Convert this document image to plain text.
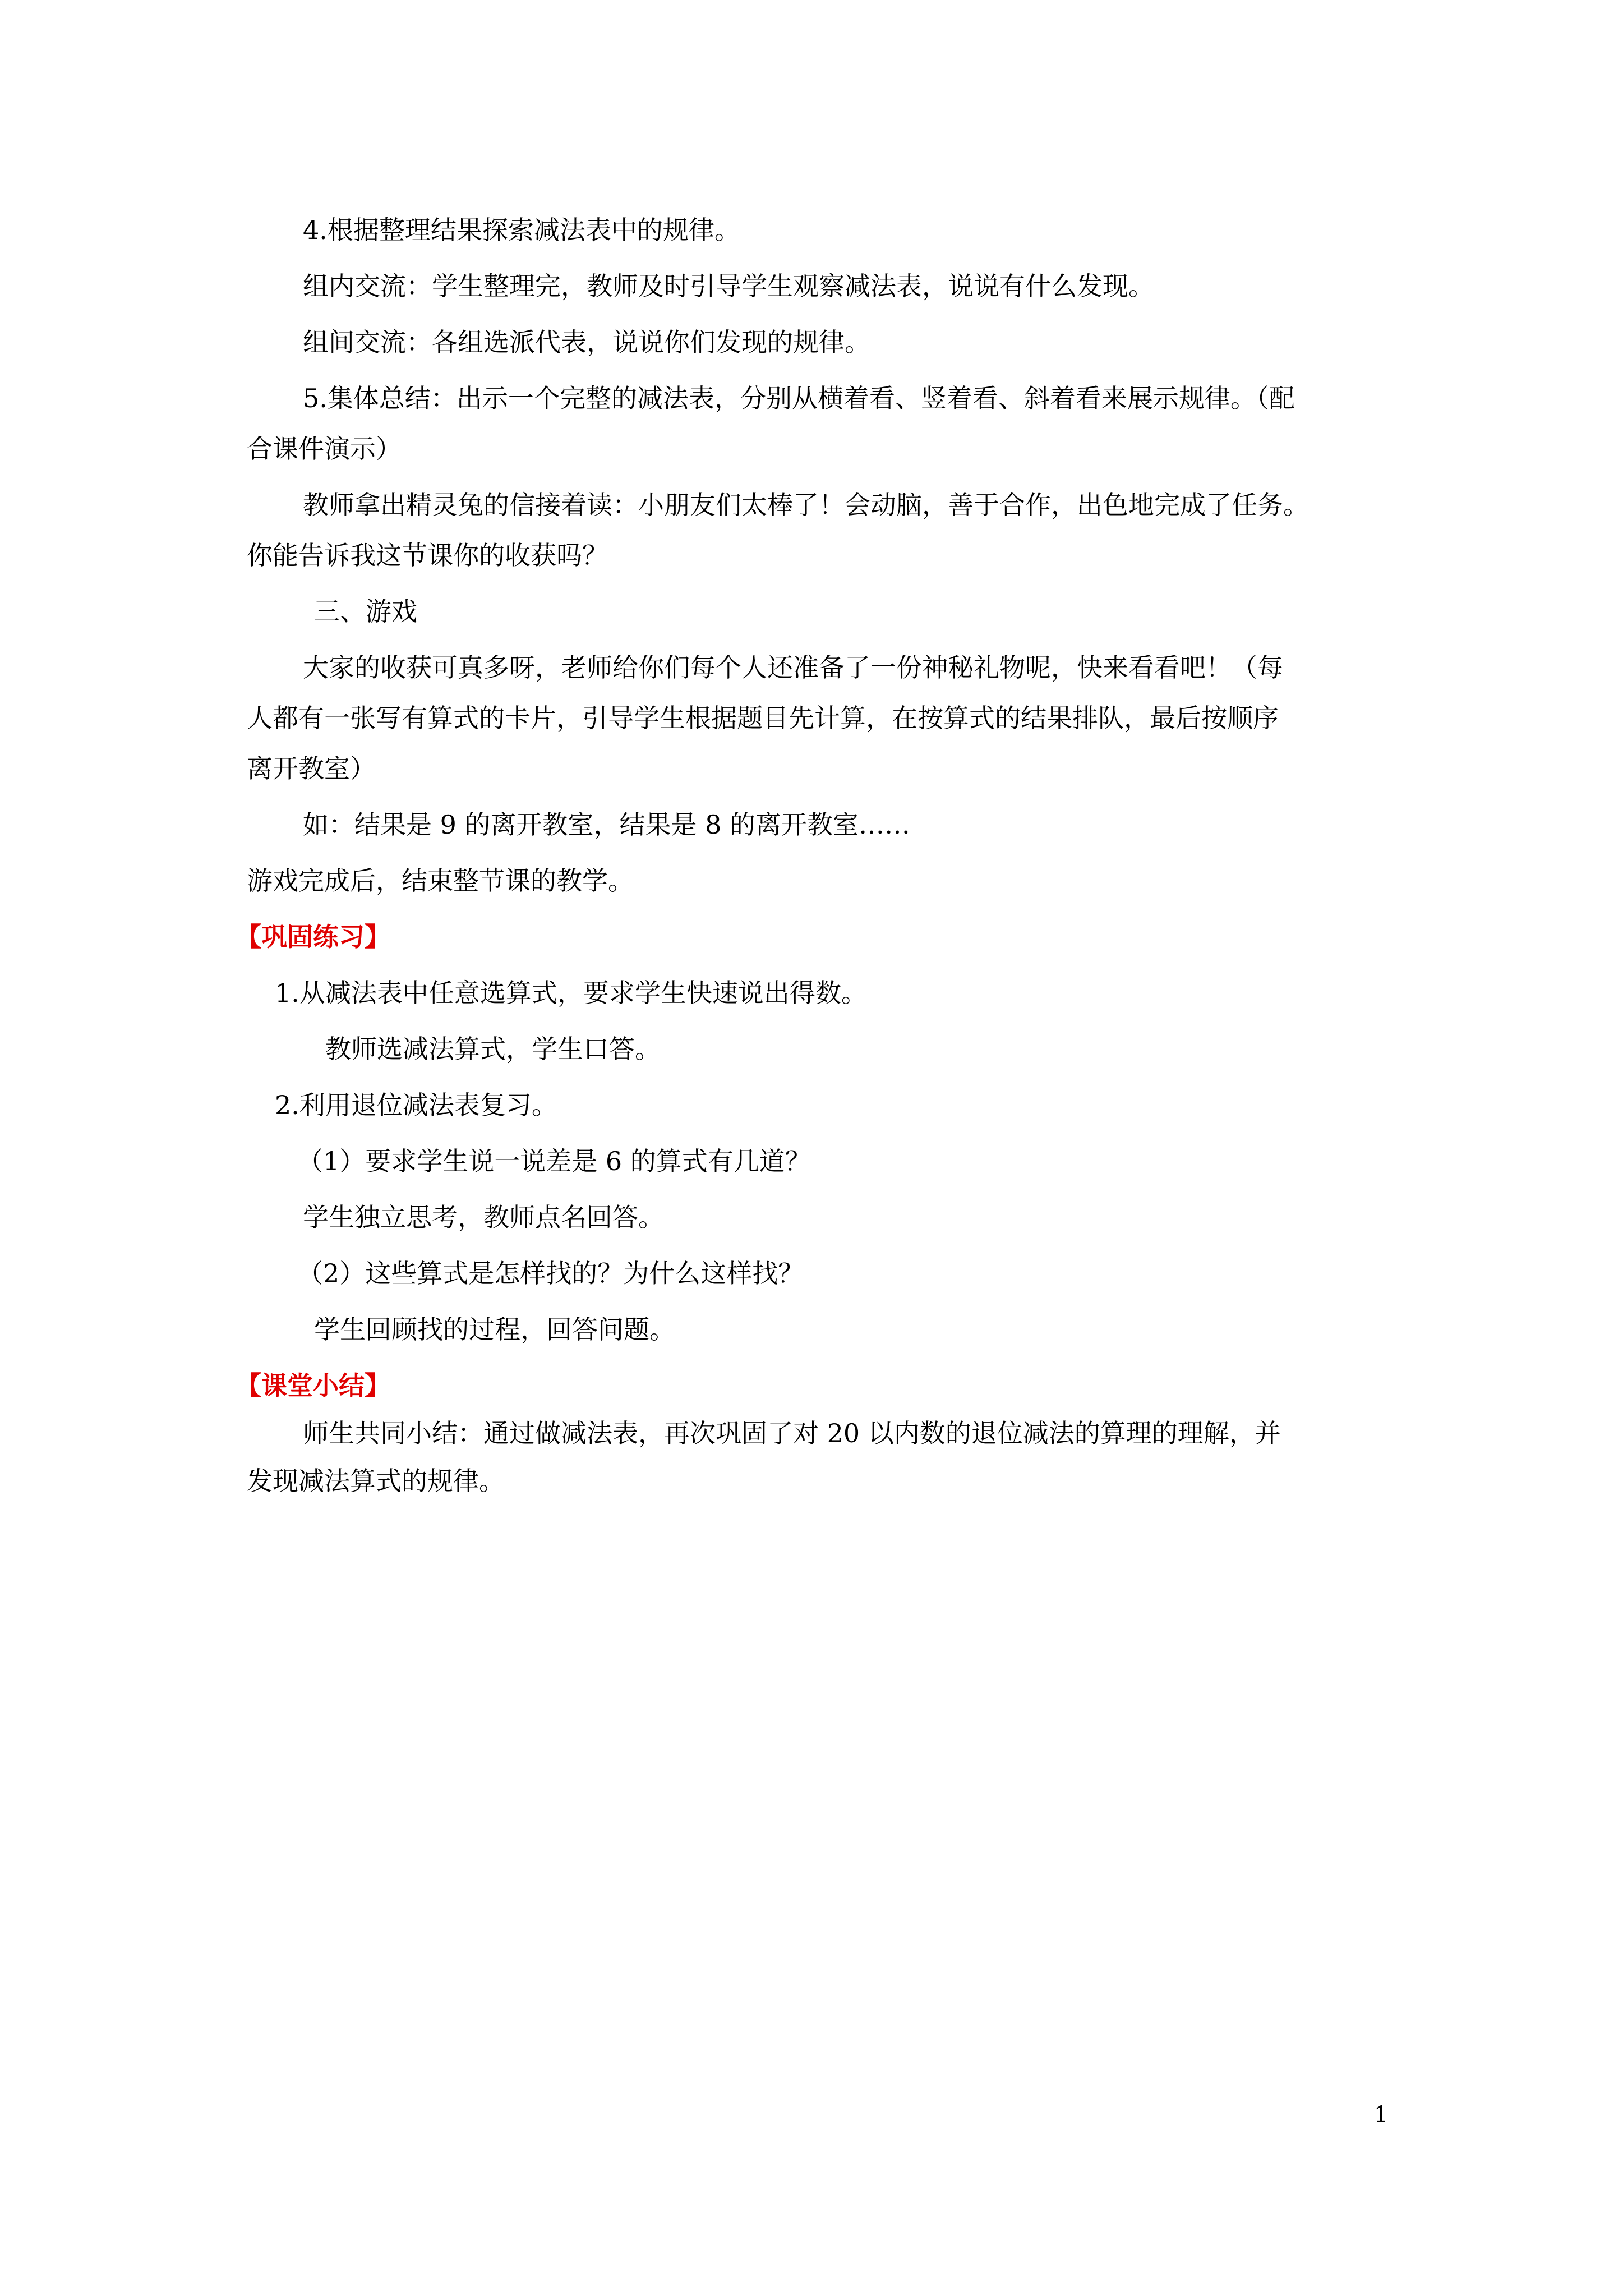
4.根据整理结果探索减法表中的规律。

组内交流：学生整理完，教师及时引导学生观察减法表，说说有什么发现。

组间交流：各组选派代表，说说你们发现的规律。

5.集体总结：出示一个完整的减法表，分别从横着看、竖着看、斜着看来展示规律。（配

合课件演示）

教师拿出精灵兔的信接着读：小朋友们太棒了！会动脑，善于合作，出色地完成了任务。

你能告诉我这节课你的收获吗？

三、游戏

大家的收获可真多呀，老师给你们每个人还准备了一份神秘礼物呢，快来看看吧！（每

人都有一张写有算式的卡片，引导学生根据题目先计算，在按算式的结果排队，最后按顺序

离开教室）

如：结果是 9 的离开教室，结果是 8 的离开教室……

游戏完成后，结束整节课的教学。

【巩固练习】

1.从减法表中任意选算式，要求学生快速说出得数。

教师选减法算式，学生口答。

2.利用退位减法表复习。

（1）要求学生说一说差是 6 的算式有几道？

学生独立思考，教师点名回答。

（2）这些算式是怎样找的？为什么这样找？

学生回顾找的过程，回答问题。

【课堂小结】

师生共同小结：通过做减法表，再次巩固了对 20 以内数的退位减法的算理的理解，并

发现减法算式的规律。

1
